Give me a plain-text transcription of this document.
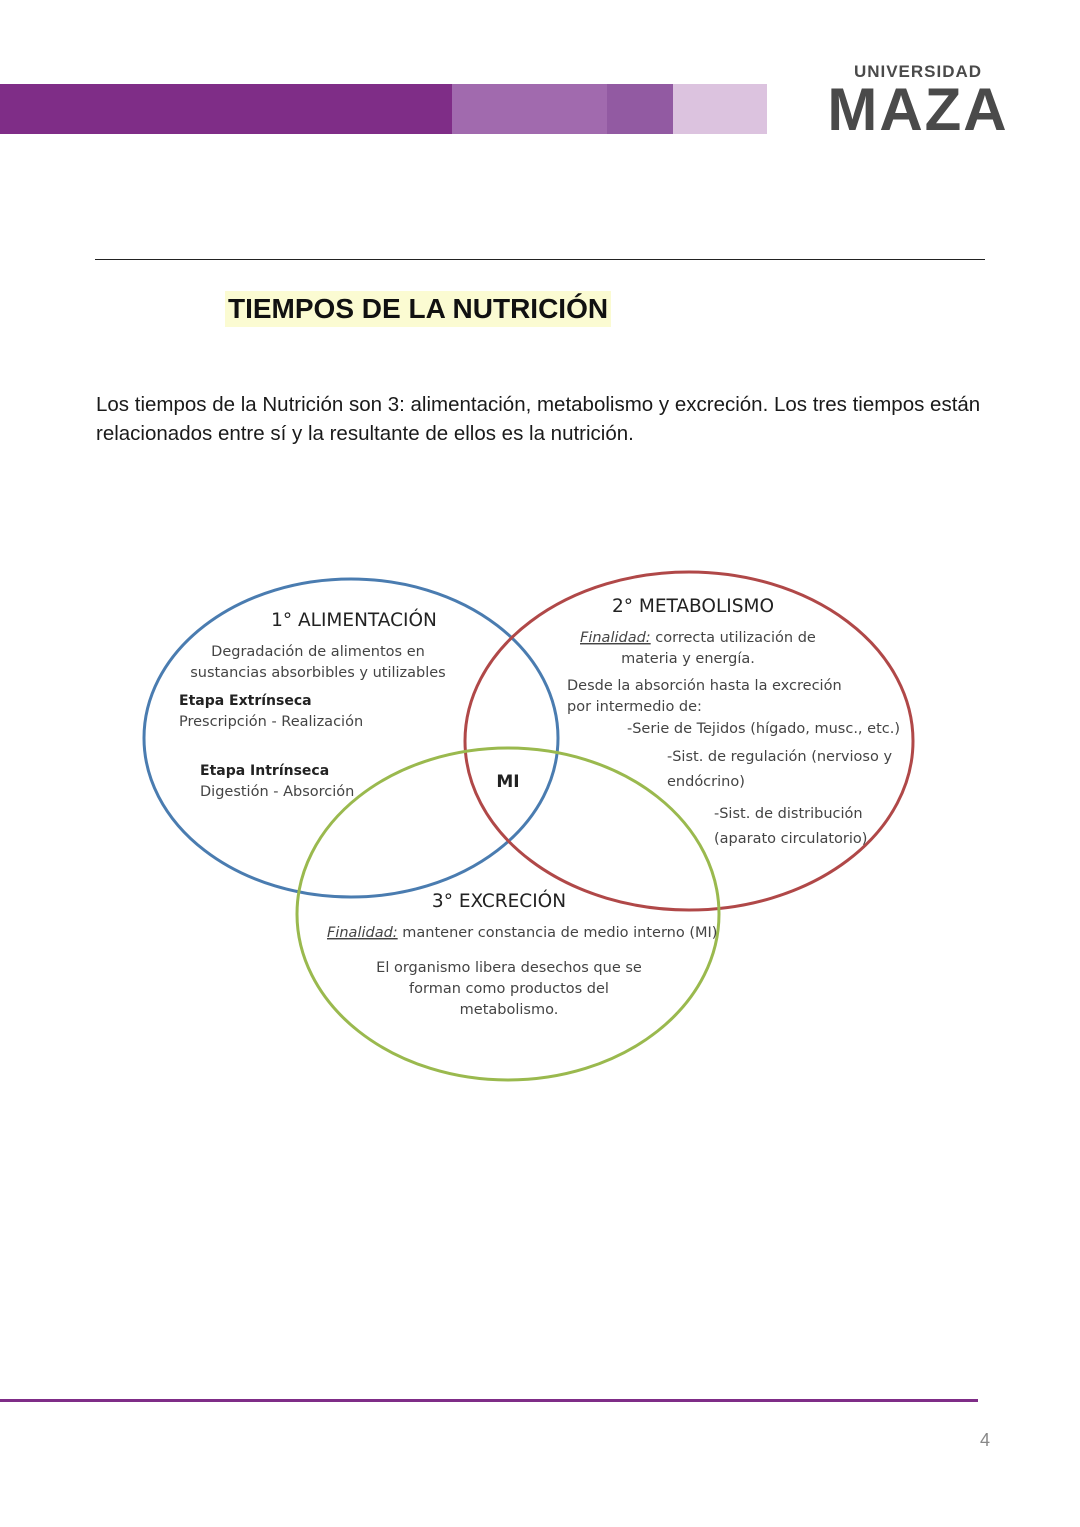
UNIVERSIDAD
MAZA
TIEMPOS DE LA NUTRICIÓN
Los tiempos de la Nutrición son 3: alimentación, metabolismo y excreción. Los tres tiempos están relacionados entre sí y la resultante de ellos es la nutrición.
1° ALIMENTACIÓN
Degradación de alimentos en
sustancias absorbibles y utilizables
Etapa Extrínseca
Prescripción - Realización
Etapa Intrínseca
Digestión - Absorción	MI
2° METABOLISMO
Finalidad: correcta utilización de
materia y energía.
Desde la absorción hasta la excreción
por intermedio de:
-Serie de Tejidos (hígado, musc., etc.)
-Sist. de regulación (nervioso y
endócrino)
-Sist. de distribución
(aparato circulatorio)
3° EXCRECIÓN
Finalidad: mantener constancia de medio interno (MI)
El organismo libera desechos que se
forman como productos del
metabolismo.
4
